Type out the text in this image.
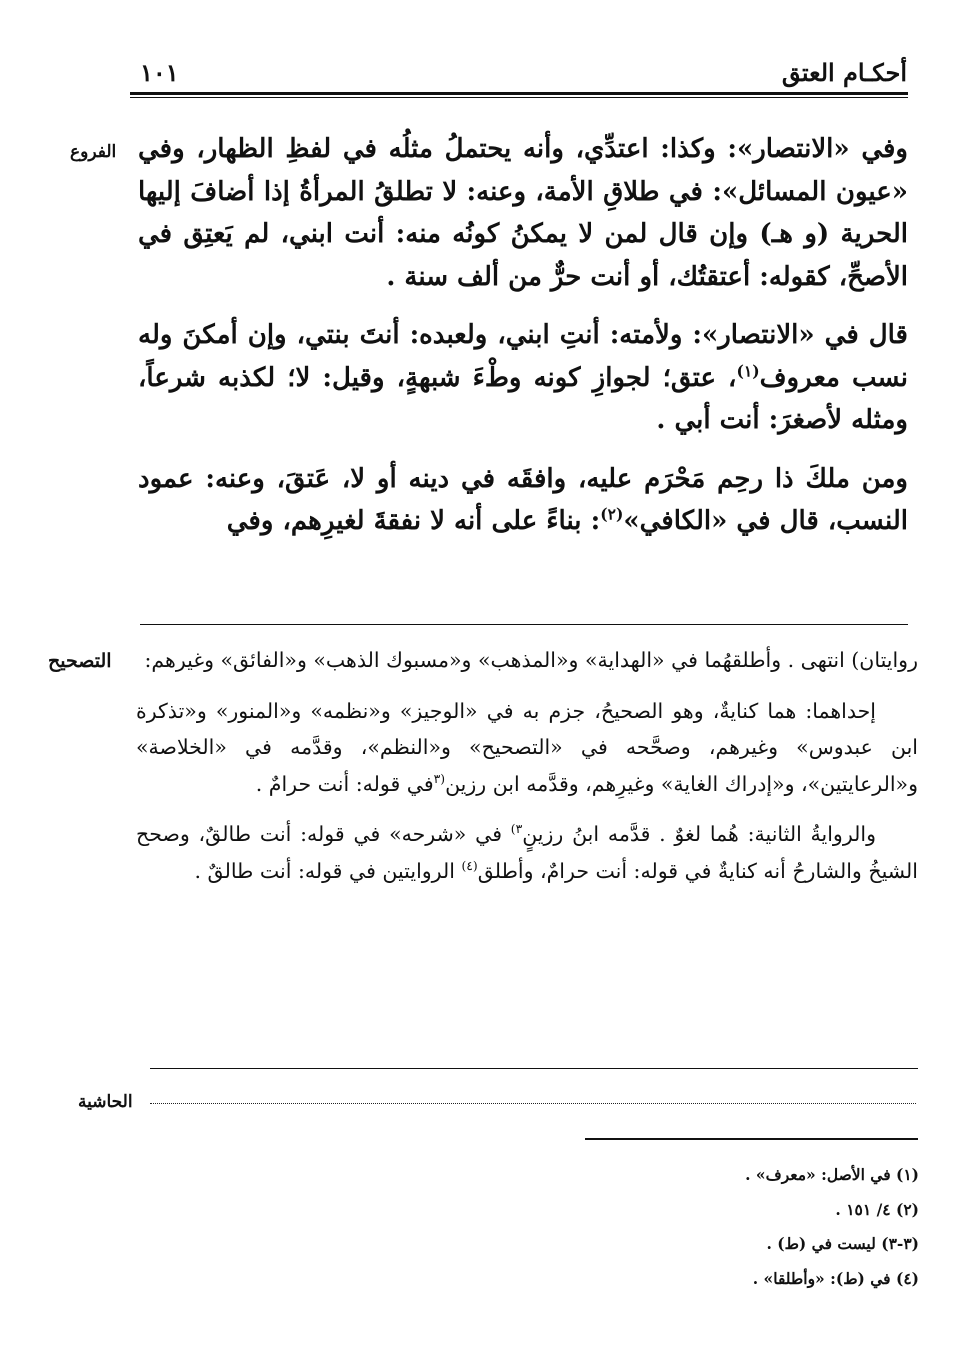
أحكـام العتق
١٠١
الفروع وفي «الانتصار»: وكذا: اعتدِّي، وأنه يحتملُ مثلُه في لفظِ الظهار، وفي «عيون المسائل»: في طلاقِ الأمة، وعنه: لا تطلقُ المرأةُ إذا أضافَ إليها الحرية (و هـ) وإن قال لمن لا يمكنُ كونُه منه: أنت ابني، لم يَعتِق في الأصحِّ، كقوله: أعتقتُك، أو أنت حرٌّ من ألف سنة .

قال في «الانتصار»: ولأمته: أنتِ ابني، ولعبده: أنتَ بنتي، وإن أمكنَ وله نسب معروف$^{(١)}$، عتق؛ لجوازِ كونه وطْءَ شبهةٍ، وقيل: لا؛ لكذبه شرعاً، ومثله لأصغرَ: أنت أبي .

ومن ملكَ ذا رحِم مَحْرَم عليه، وافقَه في دينه أو لا، عَتقَ، وعنه: عمود النسب، قال في «الكافي»$^{(٢)}$: بناءً على أنه لا نفقةَ لغيرِهم، وفي

التصحيح	روايتان) انتهى . وأطلقهُما في «الهداية» و«المذهب» و«مسبوك الذهب» و«الفائق» وغيرهم:

إحداهما: هما كنايةٌ، وهو الصحيحُ، جزم به في «الوجيز» و«نظمه» و«المنور» و«تذكرة ابن عبدوس» وغيرهم، وصحَّحه في «التصحيح» و«النظم»، وقدَّمه في «الخلاصة» و«الرعايتين»، و«إدراك الغاية» وغيرِهم، وقدَّمه ابن رزين$^{(٣}$في قوله: أنت حرامٌ .

والروايةُ الثانية: هُما لغوٌ . قدَّمه ابنُ رزينٍ$^{٣)}$ في «شرحه» في قوله: أنت طالقٌ، وصحح الشيخُ والشارحُ أنه كنايةٌ في قوله: أنت حرامٌ، وأطلق$^{(٤)}$ الروايتين في قوله: أنت طالقٌ .

الحاشية
(١) في الأصل: «معرف» .
(٢) ٤/ ١٥١ .
(٣-٣) ليست في (ط) .
(٤) في (ط): «وأطلقا» .
